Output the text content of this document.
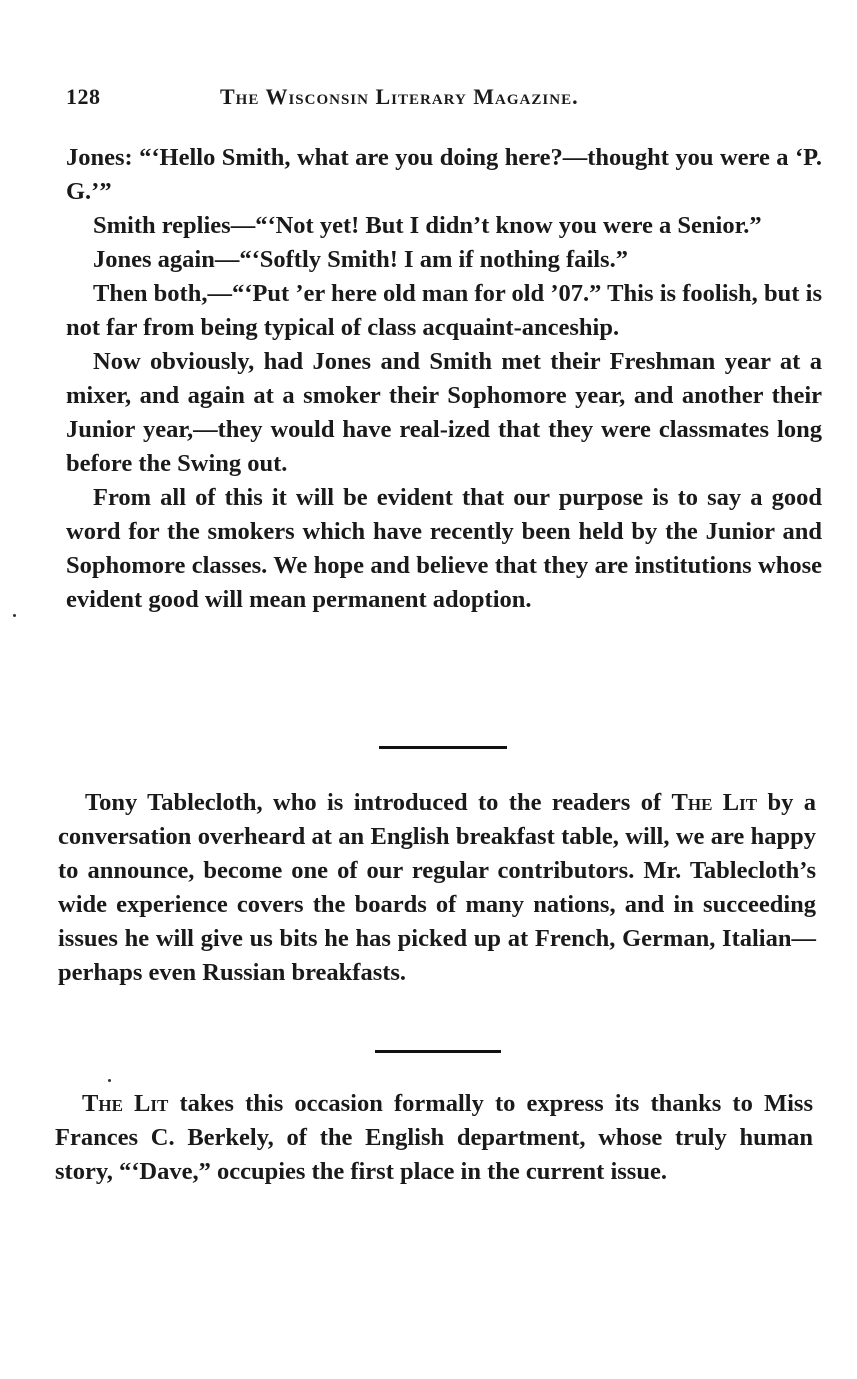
128	The Wisconsin Literary Magazine.

Jones: “‘Hello Smith, what are you doing here?—thought you were a ‘P. G.’”

Smith replies—“‘Not yet! But I didn’t know you were a Senior.”

Jones again—“‘Softly Smith! I am if nothing fails.”

Then both,—“‘Put ’er here old man for old ’07.” This is foolish, but is not far from being typical of class acquaint-anceship.

Now obviously, had Jones and Smith met their Freshman year at a mixer, and again at a smoker their Sophomore year, and another their Junior year,—they would have real-ized that they were classmates long before the Swing out.

From all of this it will be evident that our purpose is to say a good word for the smokers which have recently been held by the Junior and Sophomore classes. We hope and believe that they are institutions whose evident good will mean permanent adoption.

Tony Tablecloth, who is introduced to the readers of The Lit by a conversation overheard at an English breakfast table, will, we are happy to announce, become one of our regular contributors. Mr. Tablecloth’s wide experience covers the boards of many nations, and in succeeding issues he will give us bits he has picked up at French, German, Italian—perhaps even Russian breakfasts.

The Lit takes this occasion formally to express its thanks to Miss Frances C. Berkely, of the English department, whose truly human story, “‘Dave,” occupies the first place in the current issue.
